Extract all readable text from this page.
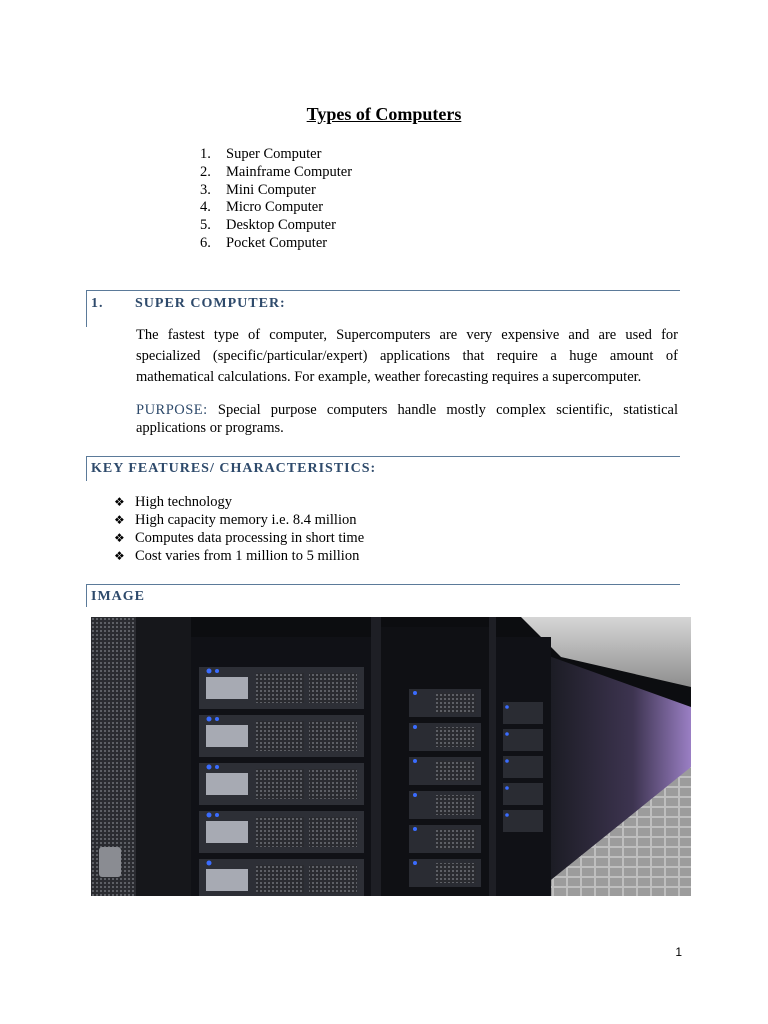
Types of Computers
1.	Super Computer
2.	Mainframe Computer
3.	Mini Computer
4.	Micro Computer
5.	Desktop Computer
6.	Pocket Computer
1. SUPER COMPUTER:

The fastest type of computer, Supercomputers are very expensive and are used for specialized (specific/particular/expert) applications that require a huge amount of mathematical calculations. For example, weather forecasting requires a supercomputer.

PURPOSE: Special purpose computers handle mostly complex scientific, statistical applications or programs.

KEY FEATURES/ CHARACTERISTICS:
❖ High technology
❖ High capacity memory i.e. 8.4 million
❖ Computes data processing in short time
❖ Cost varies from 1 million to 5 million
IMAGE
1
